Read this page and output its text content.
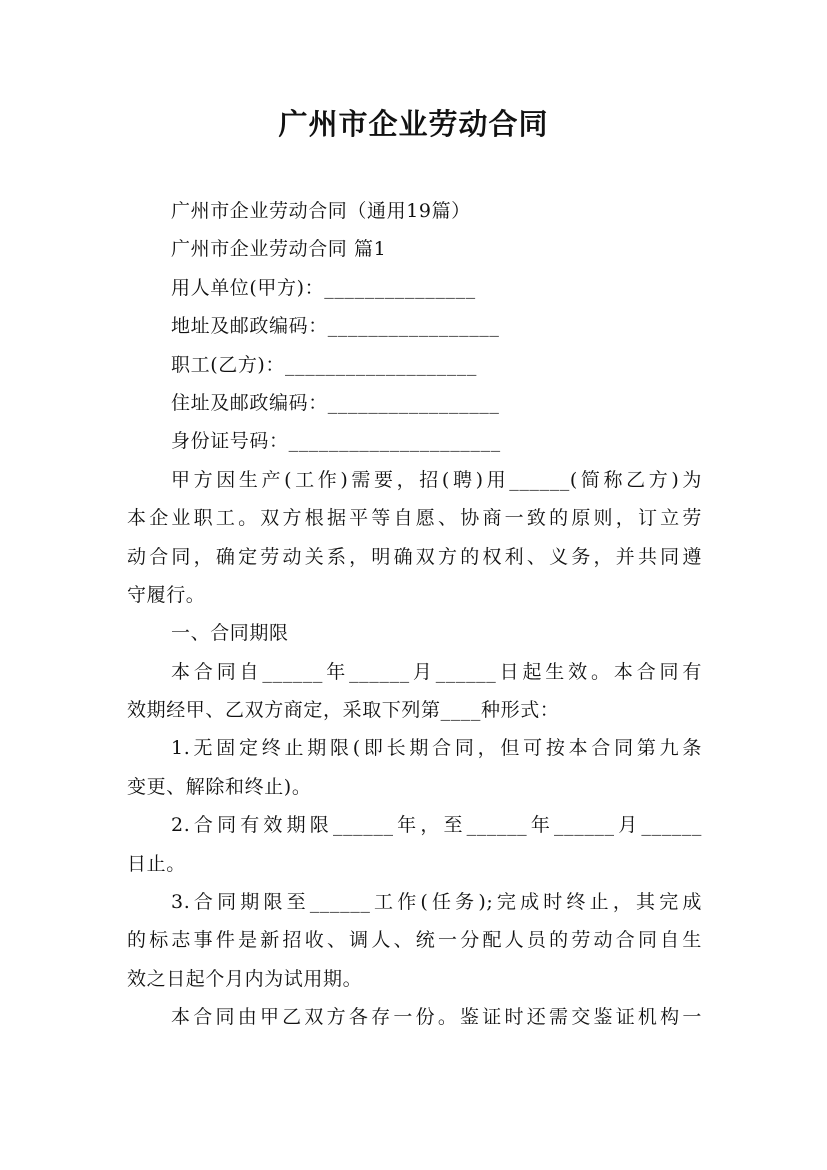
广州市企业劳动合同
广州市企业劳动合同（通用19篇）
广州市企业劳动合同 篇1
用人单位(甲方)：_______________
地址及邮政编码：_________________
职工(乙方)：___________________
住址及邮政编码：_________________
身份证号码：_____________________
甲方因生产(工作)需要，招(聘)用______(简称乙方)为
本企业职工。双方根据平等自愿、协商一致的原则，订立劳
动合同，确定劳动关系，明确双方的权利、义务，并共同遵
守履行。
一、合同期限
本合同自______年______月______日起生效。本合同有
效期经甲、乙双方商定，采取下列第____种形式：
1.无固定终止期限(即长期合同，但可按本合同第九条
变更、解除和终止)。
2.合同有效期限______年，至______年______月______
日止。
3.合同期限至______工作(任务);完成时终止，其完成
的标志事件是新招收、调人、统一分配人员的劳动合同自生
效之日起个月内为试用期。
本合同由甲乙双方各存一份。鉴证时还需交鉴证机构一
